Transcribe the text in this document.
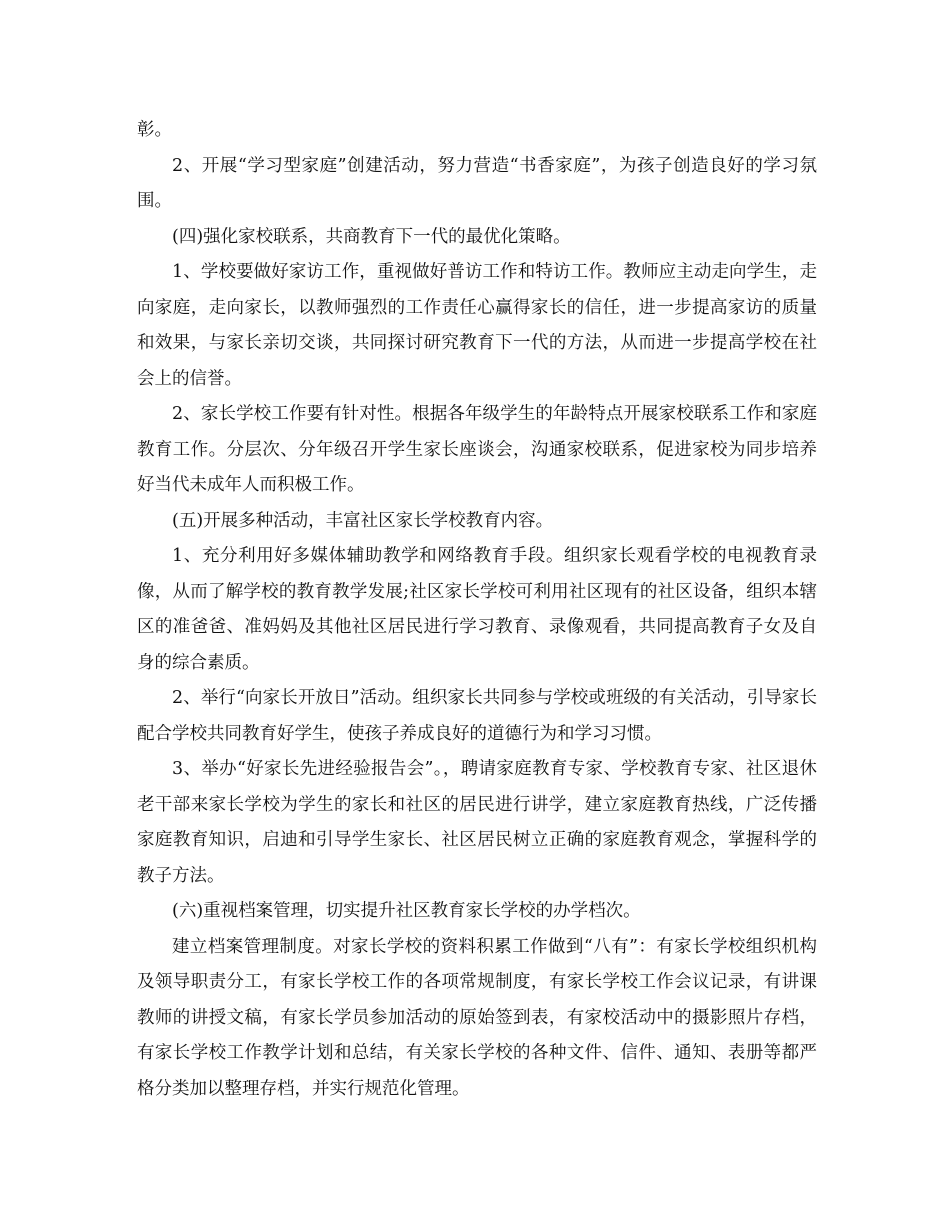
彰。

2、开展“学习型家庭”创建活动，努力营造“书香家庭”，为孩子创造良好的学习氛围。

(四)强化家校联系，共商教育下一代的最优化策略。

1、学校要做好家访工作，重视做好普访工作和特访工作。教师应主动走向学生，走向家庭，走向家长，以教师强烈的工作责任心赢得家长的信任，进一步提高家访的质量和效果，与家长亲切交谈，共同探讨研究教育下一代的方法，从而进一步提高学校在社会上的信誉。

2、家长学校工作要有针对性。根据各年级学生的年龄特点开展家校联系工作和家庭教育工作。分层次、分年级召开学生家长座谈会，沟通家校联系，促进家校为同步培养好当代未成年人而积极工作。

(五)开展多种活动，丰富社区家长学校教育内容。

1、充分利用好多媒体辅助教学和网络教育手段。组织家长观看学校的电视教育录像，从而了解学校的教育教学发展;社区家长学校可利用社区现有的社区设备，组织本辖区的准爸爸、准妈妈及其他社区居民进行学习教育、录像观看，共同提高教育子女及自身的综合素质。

2、举行“向家长开放日”活动。组织家长共同参与学校或班级的有关活动，引导家长配合学校共同教育好学生，使孩子养成良好的道德行为和学习习惯。

3、举办“好家长先进经验报告会”。，聘请家庭教育专家、学校教育专家、社区退休老干部来家长学校为学生的家长和社区的居民进行讲学，建立家庭教育热线，广泛传播家庭教育知识，启迪和引导学生家长、社区居民树立正确的家庭教育观念，掌握科学的教子方法。

(六)重视档案管理，切实提升社区教育家长学校的办学档次。

建立档案管理制度。对家长学校的资料积累工作做到“八有”：有家长学校组织机构及领导职责分工，有家长学校工作的各项常规制度，有家长学校工作会议记录，有讲课教师的讲授文稿，有家长学员参加活动的原始签到表，有家校活动中的摄影照片存档，有家长学校工作教学计划和总结，有关家长学校的各种文件、信件、通知、表册等都严格分类加以整理存档，并实行规范化管理。
